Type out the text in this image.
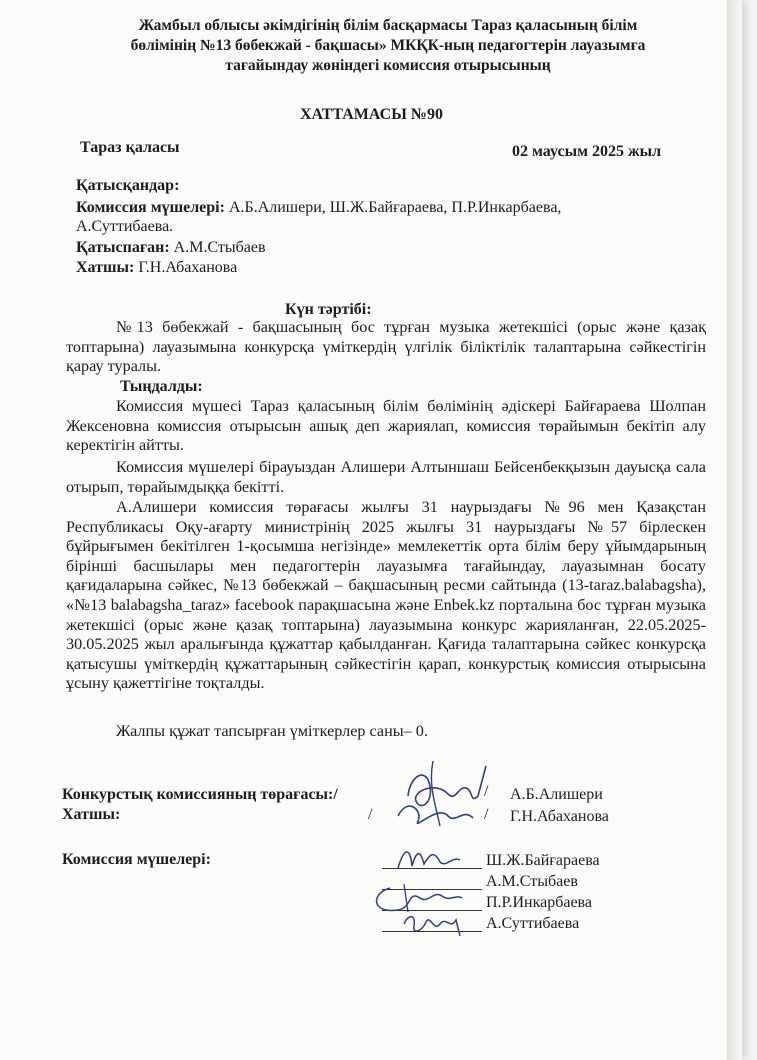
Жамбыл облысы әкімдігінің білім басқармасы Тараз қаласының білім
бөлімінің №13 бөбекжай - бақшасы» МКҚК-ның педагогтерін лауазымға
тағайындау жөніндегі комиссия отырысының
ХАТТАМАСЫ №90
Тараз қаласы	02 маусым 2025 жыл
Қатысқандар:
Комиссия мүшелері: А.Б.Алишери, Ш.Ж.Байғараева, П.Р.Инкарбаева,
А.Суттибаева.
Қатыспаған: А.М.Стыбаев
Хатшы: Г.Н.Абаханова
Күн тәртібі:
№13 бөбекжай - бақшасының бос тұрған музыка жетекшісі (орыс және қазақ топтарына) лауазымына конкурсқа үміткердің үлгілік біліктілік талаптарына сәйкестігін қарау туралы.
Тыңдалды:
Комиссия мүшесі Тараз қаласының білім бөлімінің әдіскері Байғараева Шолпан Жексеновна комиссия отырысын ашық деп жариялап, комиссия төрайымын бекітіп алу керектігін айтты.
Комиссия мүшелері бірауыздан Алишери Алтыншаш Бейсенбекқызын дауысқа сала отырып, төрайымдыққа бекітті.
А.Алишери комиссия төрағасы жылғы 31 наурыздағы №96 мен Қазақстан Республикасы Оқу-ағарту министрінің 2025 жылғы 31 наурыздағы №57 бірлескен бұйрығымен бекітілген 1-қосымша негізінде» мемлекеттік орта білім беру ұйымдарының бірінші басшылары мен педагогтерін лауазымға тағайындау, лауазымнан босату қағидаларына сәйкес, №13 бөбекжай – бақшасының ресми сайтында (13-taraz.balabagsha), «№13 balabagsha_taraz» facebook парақшасына және Enbek.kz порталына бос тұрған музыка жетекшісі (орыс және қазақ топтарына) лауазымына конкурс жарияланған, 22.05.2025-30.05.2025 жыл аралығында құжаттар қабылданған. Қағида талаптарына сәйкес конкурсқа қатысушы үміткердің құжаттарының сәйкестігін қарап, конкурстық комиссия отырысына ұсыну қажеттігіне тоқталды.
Жалпы құжат тапсырған үміткерлер саны– 0.
Конкурстық комиссияның төрағасы:/	/ А.Б.Алишери
Хатшы:	/	/ Г.Н.Абаханова
Комиссия мүшелері:	Ш.Ж.Байғараева
А.М.Стыбаев
П.Р.Инкарбаева
А.Суттибаева
